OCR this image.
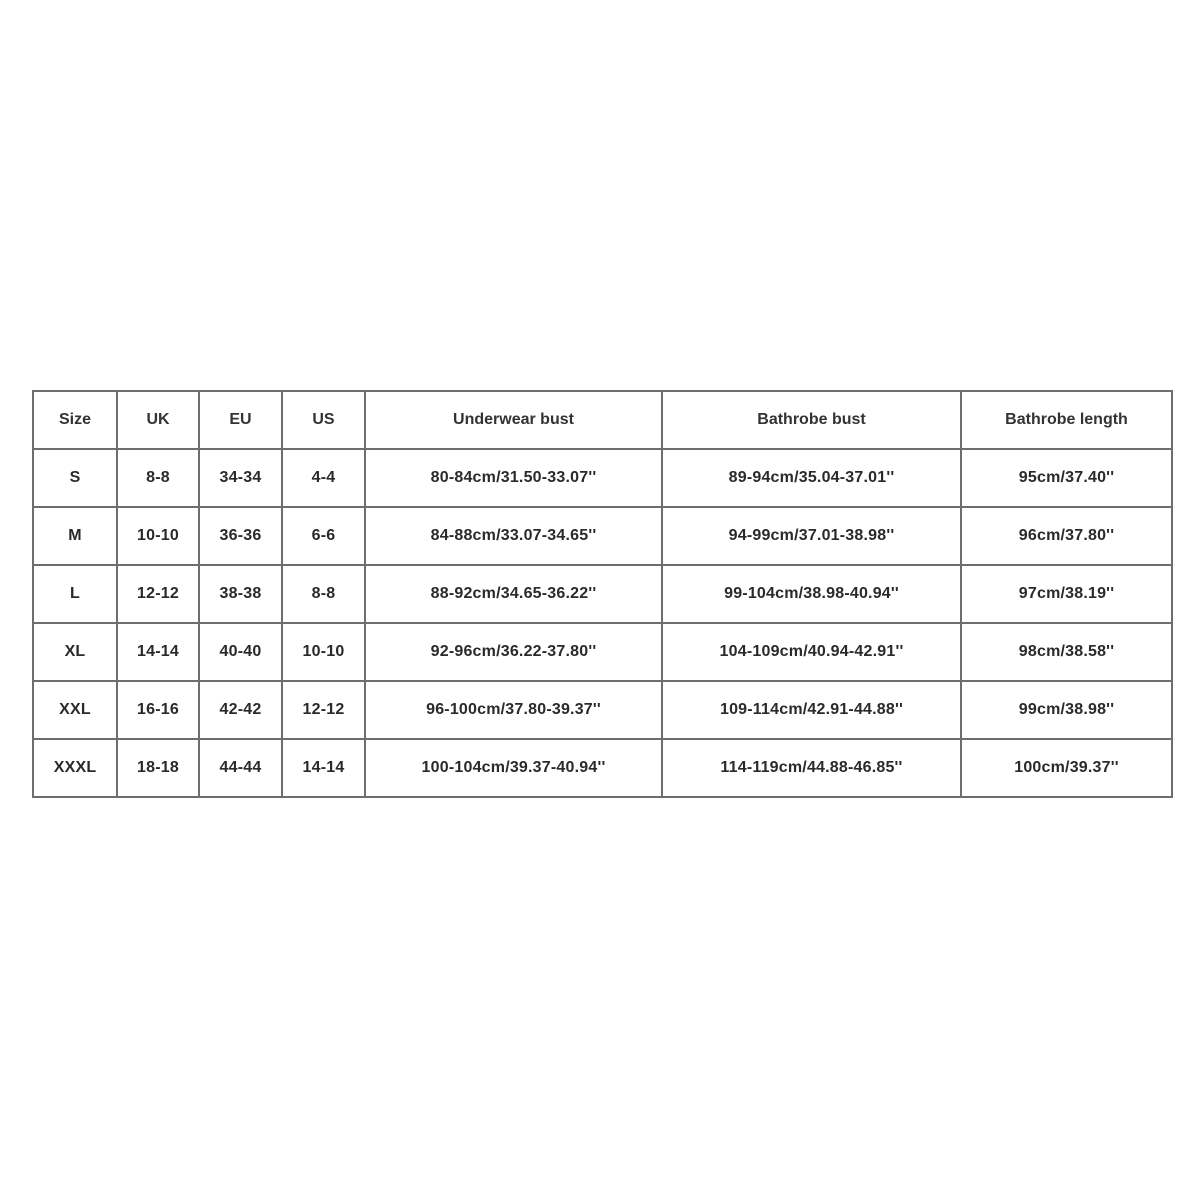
Size	UK	EU	US	Underwear bust	Bathrobe bust	Bathrobe length
S	8-8	34-34	4-4	80-84cm/31.50-33.07''	89-94cm/35.04-37.01''	95cm/37.40''
M	10-10	36-36	6-6	84-88cm/33.07-34.65''	94-99cm/37.01-38.98''	96cm/37.80''
L	12-12	38-38	8-8	88-92cm/34.65-36.22''	99-104cm/38.98-40.94''	97cm/38.19''
XL	14-14	40-40	10-10	92-96cm/36.22-37.80''	104-109cm/40.94-42.91''	98cm/38.58''
XXL	16-16	42-42	12-12	96-100cm/37.80-39.37''	109-114cm/42.91-44.88''	99cm/38.98''
XXXL	18-18	44-44	14-14	100-104cm/39.37-40.94''	114-119cm/44.88-46.85''	100cm/39.37''
